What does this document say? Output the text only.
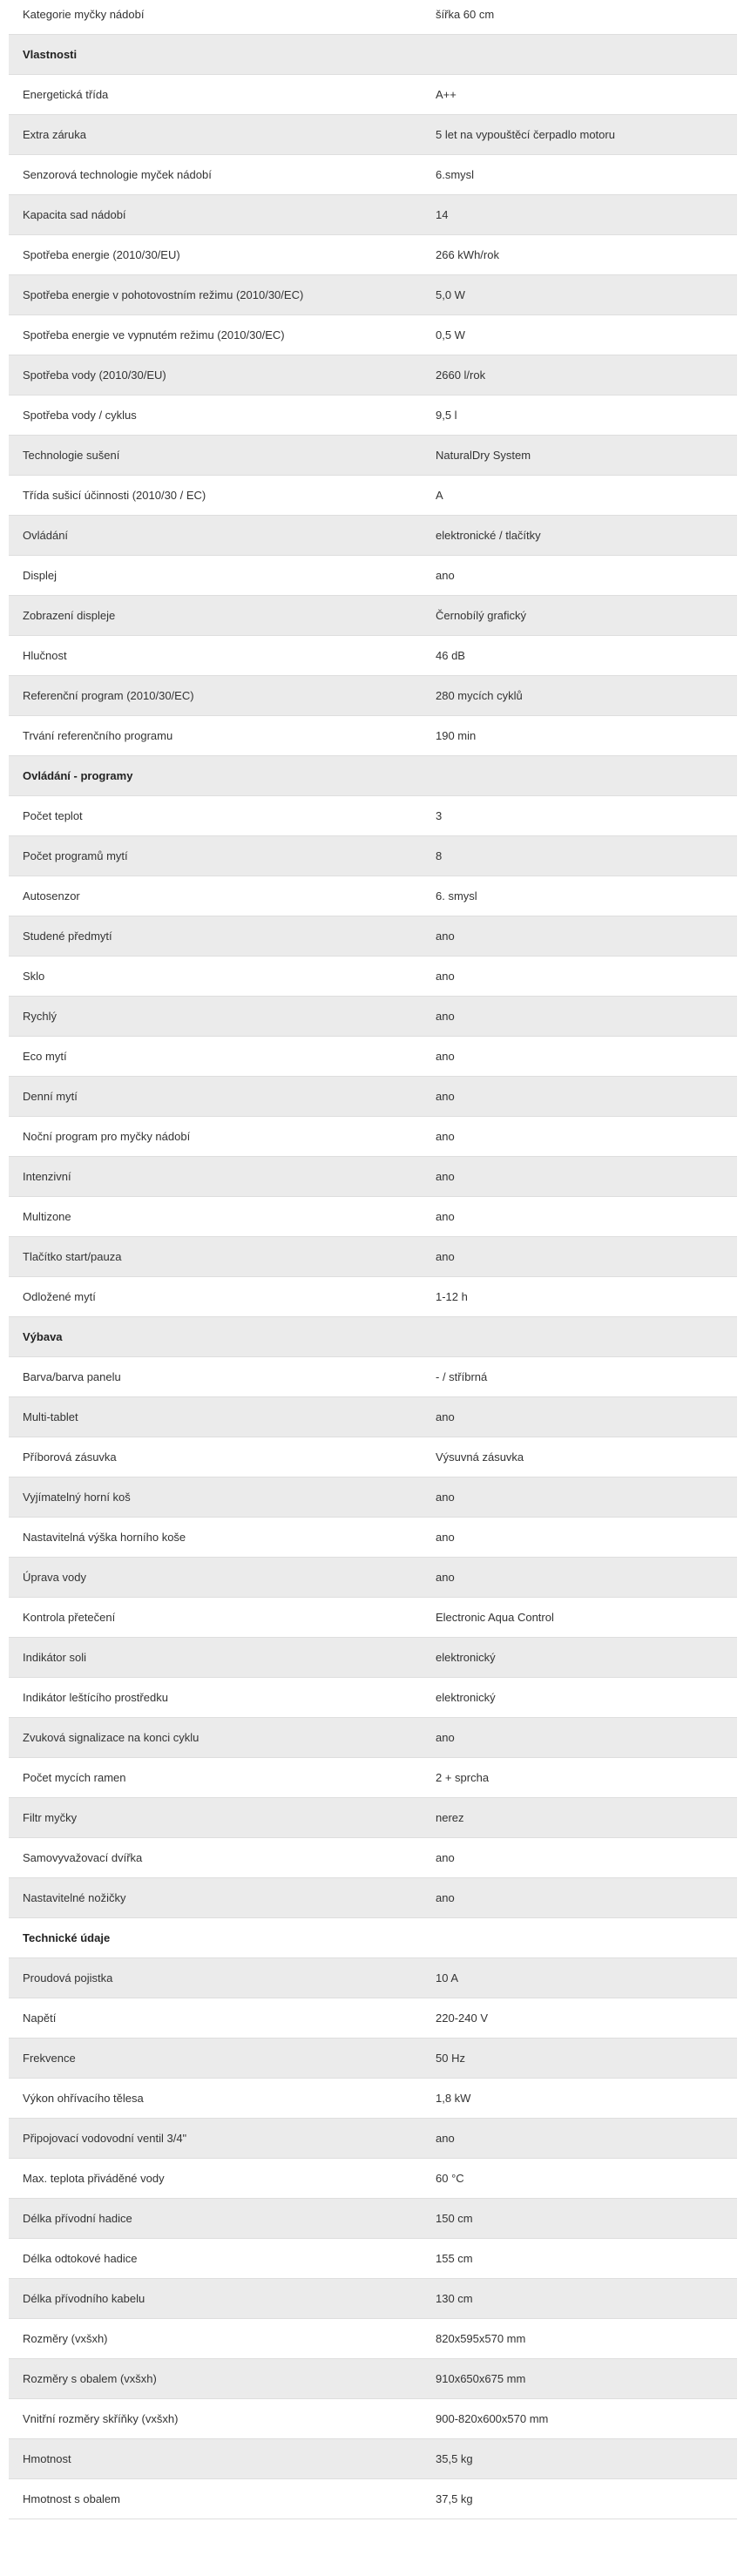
Kategorie myčky nádobí	šířka 60 cm
Vlastnosti
Energetická třída	A++
Extra záruka	5 let na vypouštěcí čerpadlo motoru
Senzorová technologie myček nádobí	6.smysl
Kapacita sad nádobí	14
Spotřeba energie (2010/30/EU)	266 kWh/rok
Spotřeba energie v pohotovostním režimu (2010/30/EC)	5,0 W
Spotřeba energie ve vypnutém režimu (2010/30/EC)	0,5 W
Spotřeba vody (2010/30/EU)	2660 l/rok
Spotřeba vody / cyklus	9,5 l
Technologie sušení	NaturalDry System
Třída sušicí účinnosti (2010/30 / EC)	A
Ovládání	elektronické / tlačítky
Displej	ano
Zobrazení displeje	Černobílý grafický
Hlučnost	46 dB
Referenční program (2010/30/EC)	280 mycích cyklů
Trvání referenčního programu	190 min
Ovládání - programy
Počet teplot	3
Počet programů mytí	8
Autosenzor	6. smysl
Studené předmytí	ano
Sklo	ano
Rychlý	ano
Eco mytí	ano
Denní mytí	ano
Noční program pro myčky nádobí	ano
Intenzivní	ano
Multizone	ano
Tlačítko start/pauza	ano
Odložené mytí	1-12 h
Výbava
Barva/barva panelu	- / stříbrná
Multi-tablet	ano
Příborová zásuvka	Výsuvná zásuvka
Vyjímatelný horní koš	ano
Nastavitelná výška horního koše	ano
Úprava vody	ano
Kontrola přetečení	Electronic Aqua Control
Indikátor soli	elektronický
Indikátor leštícího prostředku	elektronický
Zvuková signalizace na konci cyklu	ano
Počet mycích ramen	2 + sprcha
Filtr myčky	nerez
Samovyvažovací dvířka	ano
Nastavitelné nožičky	ano
Technické údaje
Proudová pojistka	10 A
Napětí	220-240 V
Frekvence	50 Hz
Výkon ohřívacího tělesa	1,8 kW
Připojovací vodovodní ventil 3/4"	ano
Max. teplota přiváděné vody	60 °C
Délka přívodní hadice	150 cm
Délka odtokové hadice	155 cm
Délka přívodního kabelu	130 cm
Rozměry (vxšxh)	820x595x570 mm
Rozměry s obalem (vxšxh)	910x650x675 mm
Vnitřní rozměry skříňky (vxšxh)	900-820x600x570 mm
Hmotnost	35,5 kg
Hmotnost s obalem	37,5 kg
